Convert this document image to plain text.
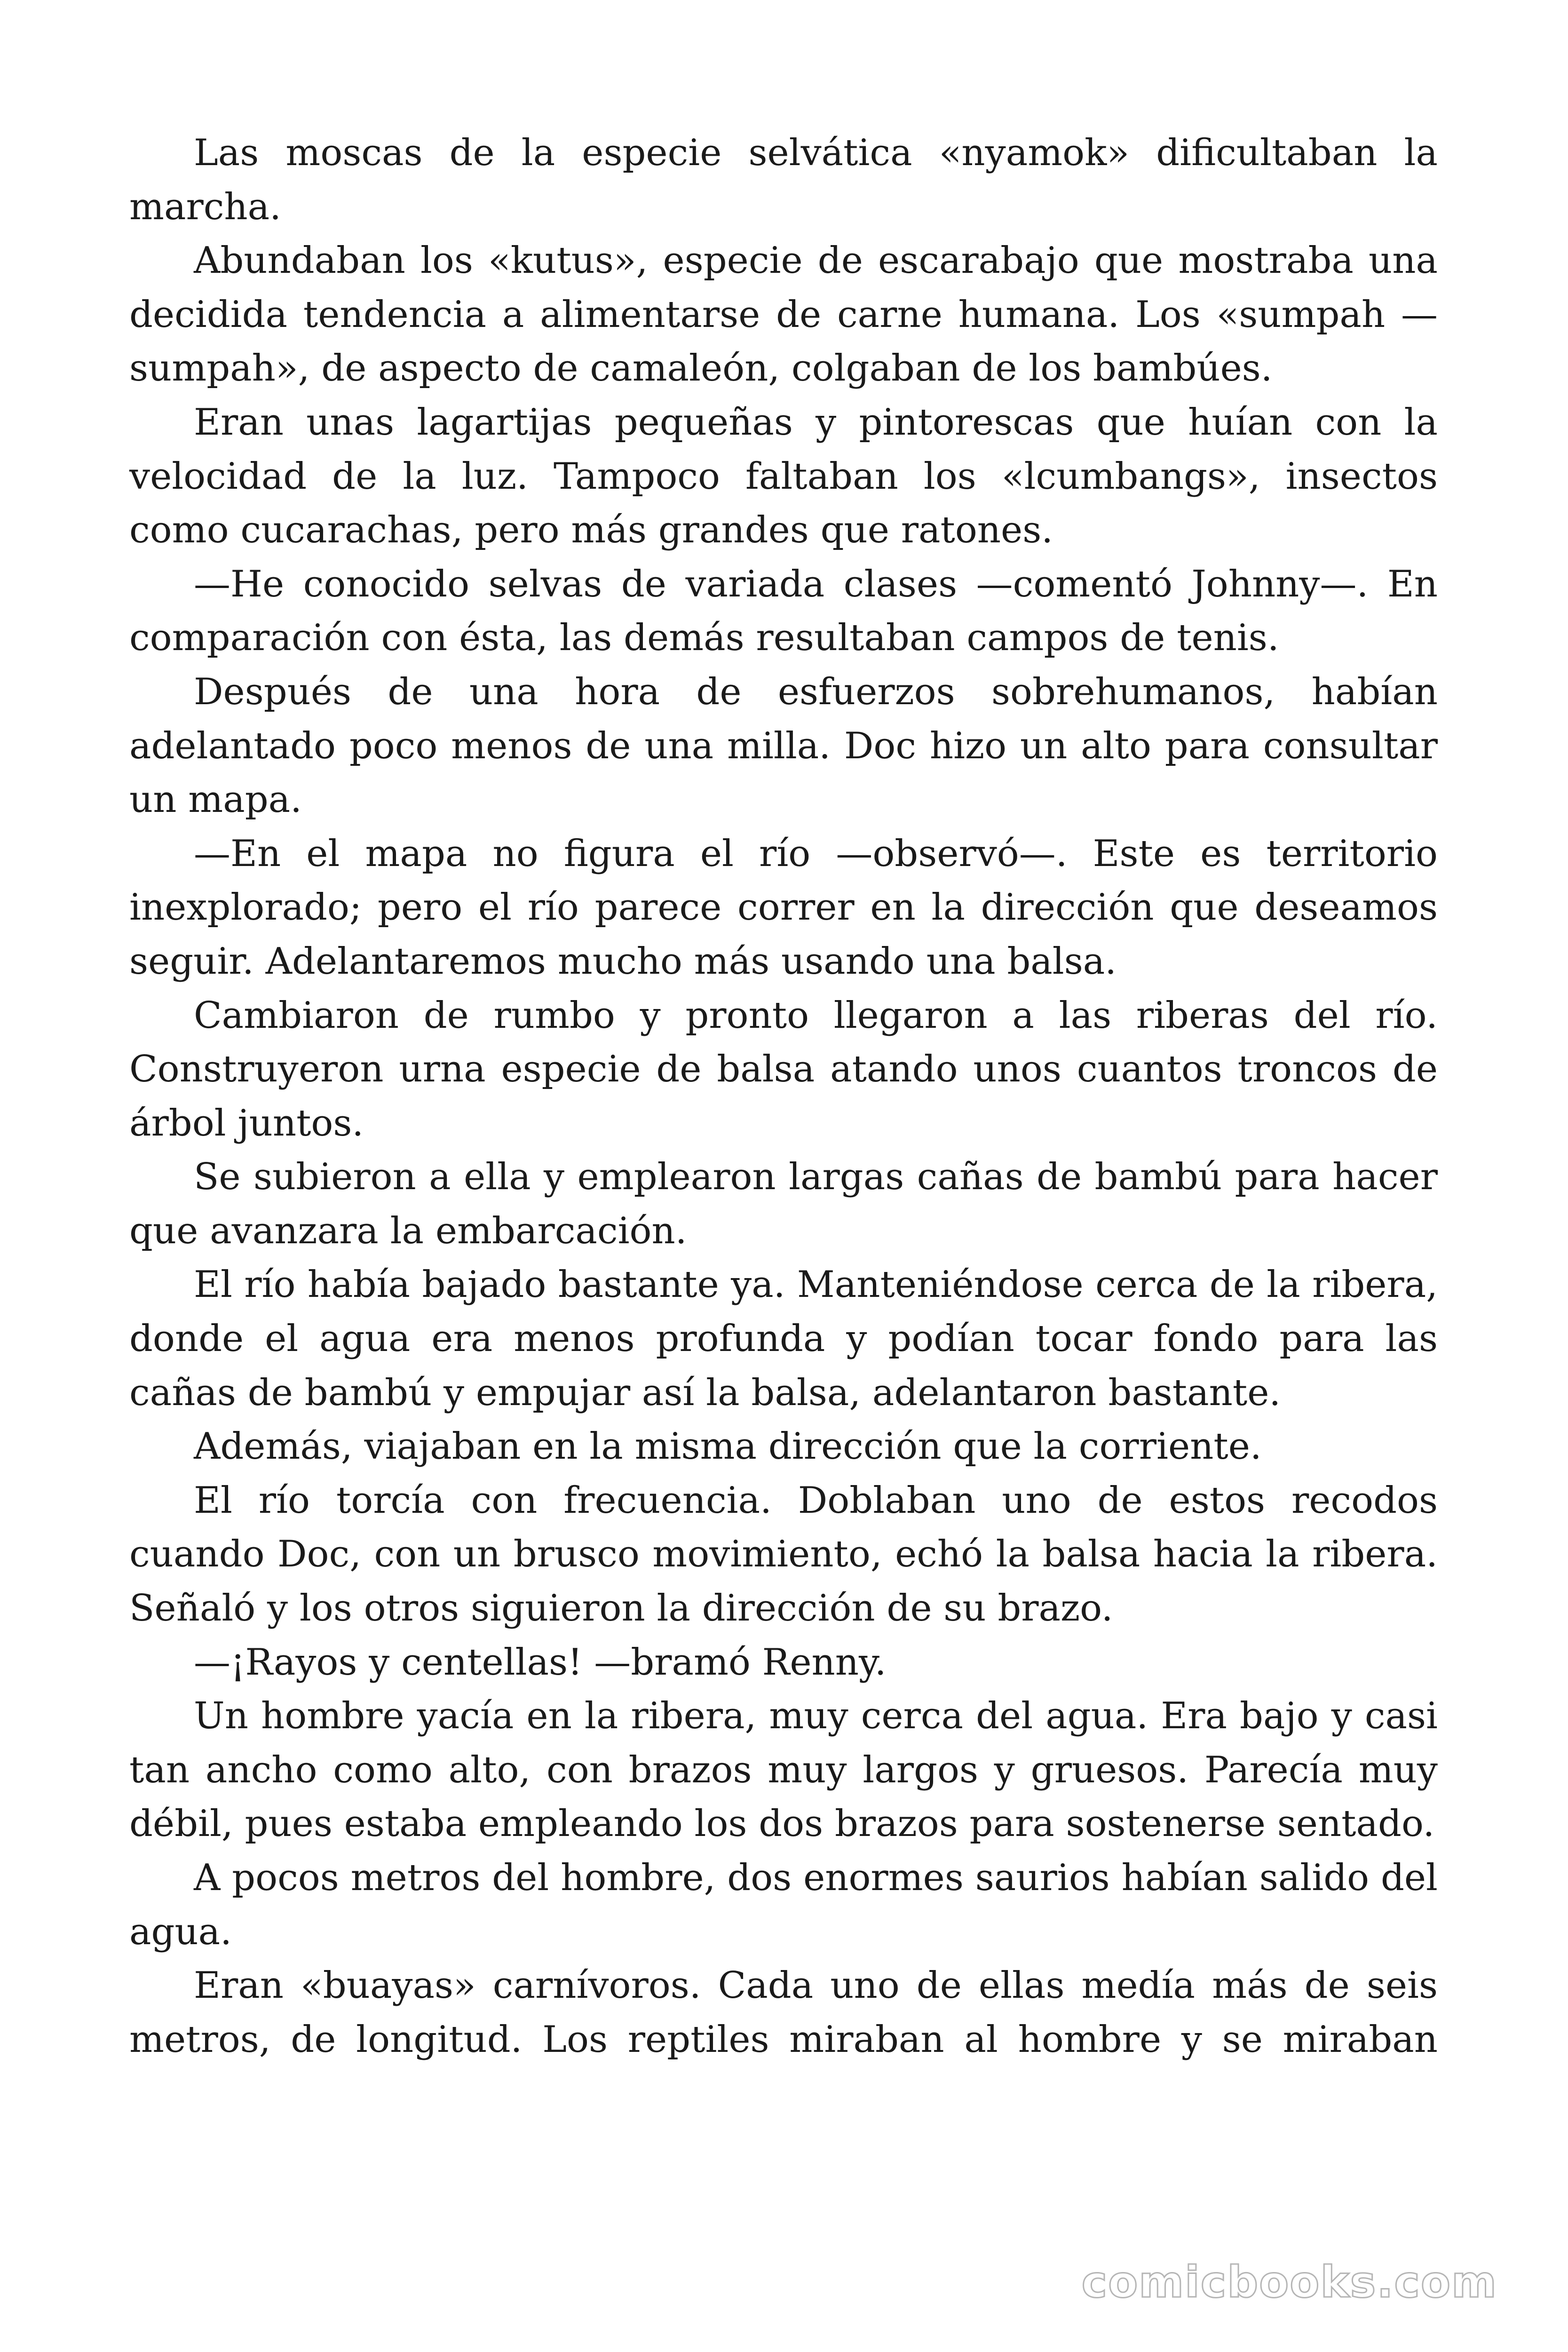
Las moscas de la especie selvática «nyamok» dificultaban la marcha.

Abundaban los «kutus», especie de escarabajo que mostraba una decidida tendencia a alimentarse de carne humana. Los «sumpah — sumpah», de aspecto de camaleón, colgaban de los bambúes.

Eran unas lagartijas pequeñas y pintorescas que huían con la velocidad de la luz. Tampoco faltaban los «lcumbangs», insectos como cucarachas, pero más grandes que ratones.

—He conocido selvas de variada clases —comentó Johnny—. En comparación con ésta, las demás resultaban campos de tenis.

Después de una hora de esfuerzos sobrehumanos, habían adelantado poco menos de una milla. Doc hizo un alto para consultar un mapa.

—En el mapa no figura el río —observó—. Este es territorio inexplorado; pero el río parece correr en la dirección que deseamos seguir. Adelantaremos mucho más usando una balsa.

Cambiaron de rumbo y pronto llegaron a las riberas del río. Construyeron urna especie de balsa atando unos cuantos troncos de árbol juntos.

Se subieron a ella y emplearon largas cañas de bambú para hacer que avanzara la embarcación.

El río había bajado bastante ya. Manteniéndose cerca de la ribera, donde el agua era menos profunda y podían tocar fondo para las cañas de bambú y empujar así la balsa, adelantaron bastante.

Además, viajaban en la misma dirección que la corriente.

El río torcía con frecuencia. Doblaban uno de estos recodos cuando Doc, con un brusco movimiento, echó la balsa hacia la ribera. Señaló y los otros siguieron la dirección de su brazo.

—¡Rayos y centellas! —bramó Renny.

Un hombre yacía en la ribera, muy cerca del agua. Era bajo y casi tan ancho como alto, con brazos muy largos y gruesos. Parecía muy débil, pues estaba empleando los dos brazos para sostenerse sentado.

A pocos metros del hombre, dos enormes saurios habían salido del agua.

Eran «buayas» carnívoros. Cada uno de ellas medía más de seis metros, de longitud. Los reptiles miraban al hombre y se miraban

comicbooks.com
